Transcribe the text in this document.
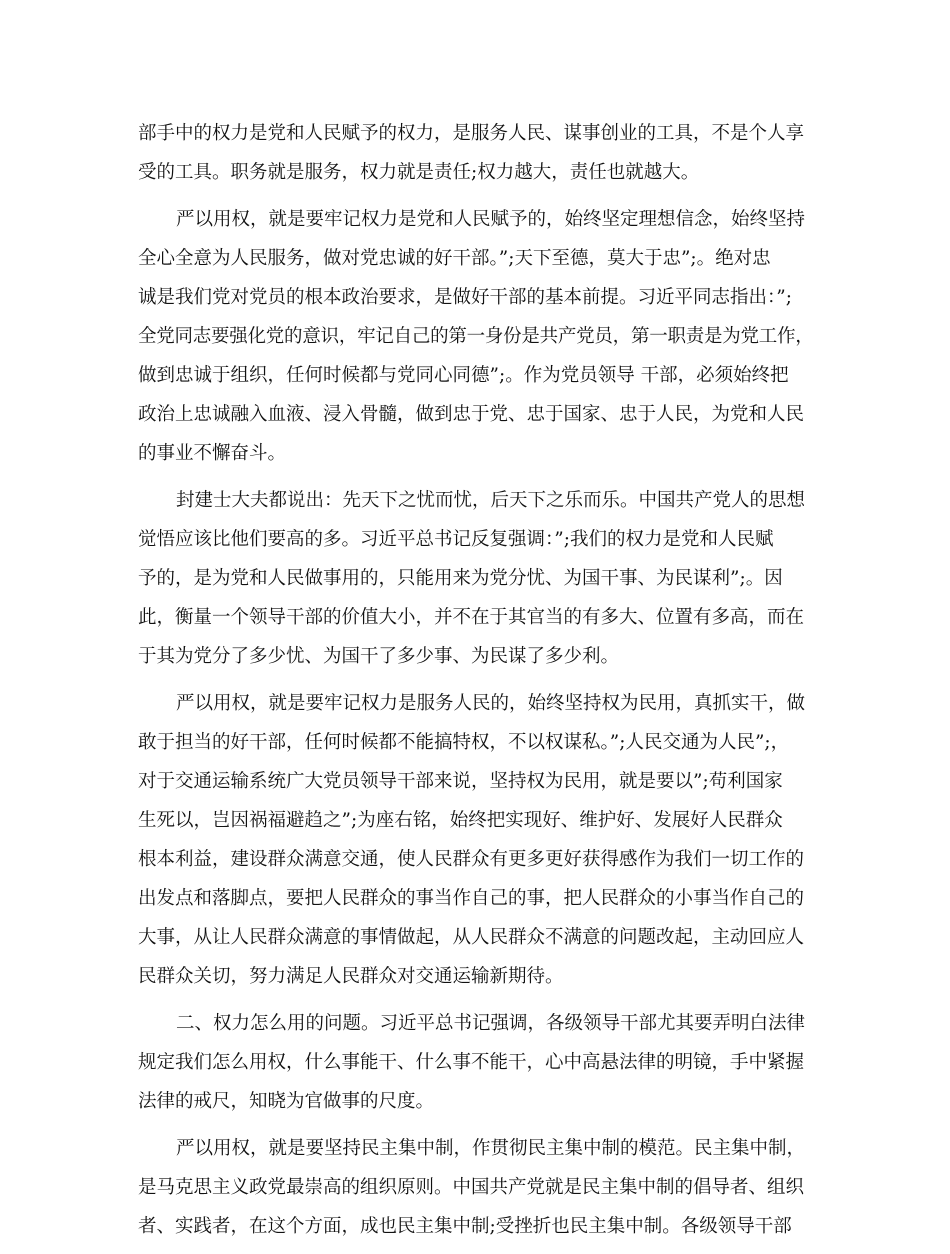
部手中的权力是党和人民赋予的权力，是服务人民、谋事创业的工具，不是个人享
受的工具。职务就是服务，权力就是责任;权力越大，责任也就越大。
严以用权，就是要牢记权力是党和人民赋予的，始终坚定理想信念，始终坚持
全心全意为人民服务，做对党忠诚的好干部。”;天下至德，莫大于忠”;。绝对忠
诚是我们党对党员的根本政治要求，是做好干部的基本前提。习近平同志指出：”;
全党同志要强化党的意识，牢记自己的第一身份是共产党员，第一职责是为党工作，
做到忠诚于组织，任何时候都与党同心同德”;。作为党员领导 干部，必须始终把
政治上忠诚融入血液、浸入骨髓，做到忠于党、忠于国家、忠于人民，为党和人民
的事业不懈奋斗。
封建士大夫都说出：先天下之忧而忧，后天下之乐而乐。中国共产党人的思想
觉悟应该比他们要高的多。习近平总书记反复强调：”;我们的权力是党和人民赋
予的，是为党和人民做事用的，只能用来为党分忧、为国干事、为民谋利”;。因
此，衡量一个领导干部的价值大小，并不在于其官当的有多大、位置有多高，而在
于其为党分了多少忧、为国干了多少事、为民谋了多少利。
严以用权，就是要牢记权力是服务人民的，始终坚持权为民用，真抓实干，做
敢于担当的好干部，任何时候都不能搞特权，不以权谋私。”;人民交通为人民”;，
对于交通运输系统广大党员领导干部来说，坚持权为民用，就是要以”;苟利国家
生死以，岂因祸福避趋之”;为座右铭，始终把实现好、维护好、发展好人民群众
根本利益，建设群众满意交通，使人民群众有更多更好获得感作为我们一切工作的
出发点和落脚点，要把人民群众的事当作自己的事，把人民群众的小事当作自己的
大事，从让人民群众满意的事情做起，从人民群众不满意的问题改起，主动回应人
民群众关切，努力满足人民群众对交通运输新期待。
二、权力怎么用的问题。习近平总书记强调，各级领导干部尤其要弄明白法律
规定我们怎么用权，什么事能干、什么事不能干，心中高悬法律的明镜，手中紧握
法律的戒尺，知晓为官做事的尺度。
严以用权，就是要坚持民主集中制，作贯彻民主集中制的模范。民主集中制，
是马克思主义政党最崇高的组织原则。中国共产党就是民主集中制的倡导者、组织
者、实践者，在这个方面，成也民主集中制;受挫折也民主集中制。各级领导干部
